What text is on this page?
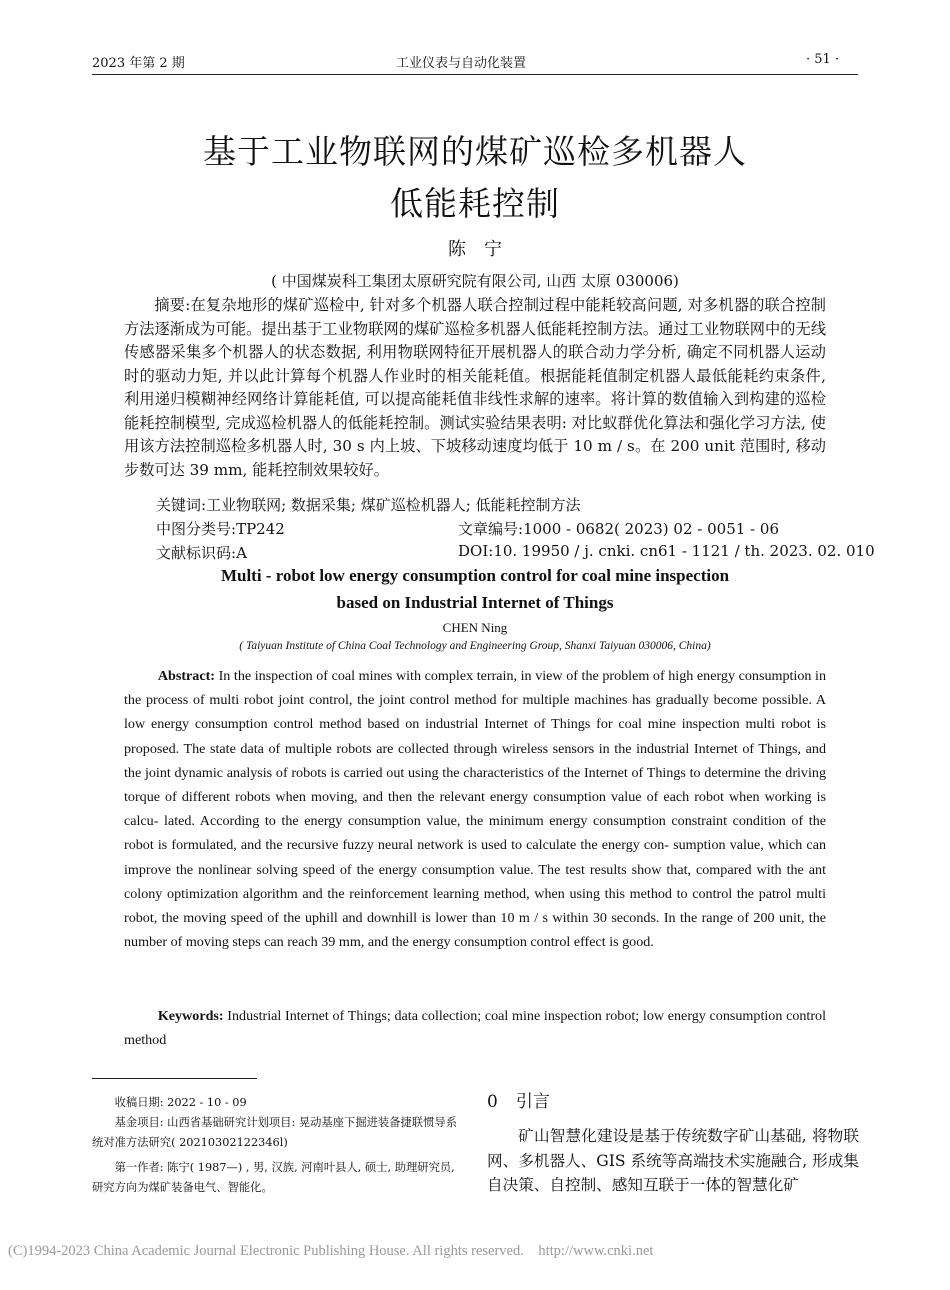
2023 年第 2 期	工业仪表与自动化装置	· 51 ·
基于工业物联网的煤矿巡检多机器人
低能耗控制
陈　宁
( 中国煤炭科工集团太原研究院有限公司, 山西 太原 030006)

摘要:在复杂地形的煤矿巡检中, 针对多个机器人联合控制过程中能耗较高问题, 对多机器的联合控制方法逐渐成为可能。提出基于工业物联网的煤矿巡检多机器人低能耗控制方法。通过工业物联网中的无线传感器采集多个机器人的状态数据, 利用物联网特征开展机器人的联合动力学分析, 确定不同机器人运动时的驱动力矩, 并以此计算每个机器人作业时的相关能耗值。根据能耗值制定机器人最低能耗约束条件, 利用递归模糊神经网络计算能耗值, 可以提高能耗值非线性求解的速率。将计算的数值输入到构建的巡检能耗控制模型, 完成巡检机器人的低能耗控制。测试实验结果表明: 对比蚁群优化算法和强化学习方法, 使用该方法控制巡检多机器人时, 30 s 内上坡、下坡移动速度均低于 10 m / s。在 200 unit 范围时, 移动步数可达 39 mm, 能耗控制效果较好。

关键词:工业物联网; 数据采集; 煤矿巡检机器人; 低能耗控制方法
中图分类号:TP242	文章编号:1000 - 0682( 2023) 02 - 0051 - 06
文献标识码:A	DOI:10. 19950 / j. cnki. cn61 - 1121 / th. 2023. 02. 010
Multi - robot low energy consumption control for coal mine inspection
based on Industrial Internet of Things
CHEN Ning
( Taiyuan Institute of China Coal Technology and Engineering Group, Shanxi Taiyuan 030006, China)

Abstract: In the inspection of coal mines with complex terrain, in view of the problem of high energy consumption in the process of multi robot joint control, the joint control method for multiple machines has gradually become possible. A low energy consumption control method based on industrial Internet of Things for coal mine inspection multi robot is proposed. The state data of multiple robots are collected through wireless sensors in the industrial Internet of Things, and the joint dynamic analysis of robots is carried out using the characteristics of the Internet of Things to determine the driving torque of different robots when moving, and then the relevant energy consumption value of each robot when working is calcu- lated. According to the energy consumption value, the minimum energy consumption constraint condition of the robot is formulated, and the recursive fuzzy neural network is used to calculate the energy con- sumption value, which can improve the nonlinear solving speed of the energy consumption value. The test results show that, compared with the ant colony optimization algorithm and the reinforcement learning method, when using this method to control the patrol multi robot, the moving speed of the uphill and downhill is lower than 10 m / s within 30 seconds. In the range of 200 unit, the number of moving steps can reach 39 mm, and the energy consumption control effect is good.

Keywords: Industrial Internet of Things; data collection; coal mine inspection robot; low energy consumption control method

收稿日期: 2022 - 10 - 09

基金项目: 山西省基础研究计划项目: 晃动基座下掘进装备捷联惯导系统对准方法研究( 20210302122346l)

第一作者: 陈宁( 1987—) , 男, 汉族, 河南叶县人, 硕士, 助理研究员, 研究方向为煤矿装备电气、智能化。

0 引言

矿山智慧化建设是基于传统数字矿山基础, 将物联网、多机器人、GIS 系统等高端技术实施融合, 形成集自决策、自控制、感知互联于一体的智慧化矿

(C)1994-2023 China Academic Journal Electronic Publishing House. All rights reserved.    http://www.cnki.net
